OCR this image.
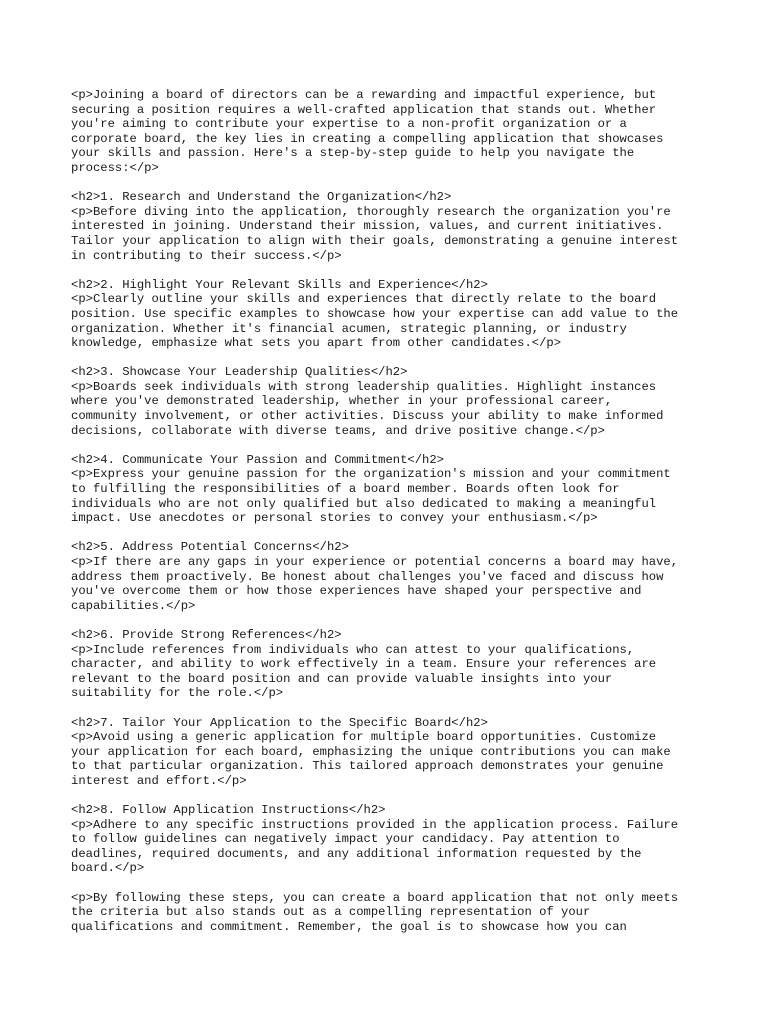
<p>Joining a board of directors can be a rewarding and impactful experience, but
securing a position requires a well-crafted application that stands out. Whether
you're aiming to contribute your expertise to a non-profit organization or a
corporate board, the key lies in creating a compelling application that showcases
your skills and passion. Here's a step-by-step guide to help you navigate the
process:</p>
<h2>1. Research and Understand the Organization</h2>
<p>Before diving into the application, thoroughly research the organization you're
interested in joining. Understand their mission, values, and current initiatives.
Tailor your application to align with their goals, demonstrating a genuine interest
in contributing to their success.</p>
<h2>2. Highlight Your Relevant Skills and Experience</h2>
<p>Clearly outline your skills and experiences that directly relate to the board
position. Use specific examples to showcase how your expertise can add value to the
organization. Whether it's financial acumen, strategic planning, or industry
knowledge, emphasize what sets you apart from other candidates.</p>
<h2>3. Showcase Your Leadership Qualities</h2>
<p>Boards seek individuals with strong leadership qualities. Highlight instances
where you've demonstrated leadership, whether in your professional career,
community involvement, or other activities. Discuss your ability to make informed
decisions, collaborate with diverse teams, and drive positive change.</p>
<h2>4. Communicate Your Passion and Commitment</h2>
<p>Express your genuine passion for the organization's mission and your commitment
to fulfilling the responsibilities of a board member. Boards often look for
individuals who are not only qualified but also dedicated to making a meaningful
impact. Use anecdotes or personal stories to convey your enthusiasm.</p>
<h2>5. Address Potential Concerns</h2>
<p>If there are any gaps in your experience or potential concerns a board may have,
address them proactively. Be honest about challenges you've faced and discuss how
you've overcome them or how those experiences have shaped your perspective and
capabilities.</p>
<h2>6. Provide Strong References</h2>
<p>Include references from individuals who can attest to your qualifications,
character, and ability to work effectively in a team. Ensure your references are
relevant to the board position and can provide valuable insights into your
suitability for the role.</p>
<h2>7. Tailor Your Application to the Specific Board</h2>
<p>Avoid using a generic application for multiple board opportunities. Customize
your application for each board, emphasizing the unique contributions you can make
to that particular organization. This tailored approach demonstrates your genuine
interest and effort.</p>
<h2>8. Follow Application Instructions</h2>
<p>Adhere to any specific instructions provided in the application process. Failure
to follow guidelines can negatively impact your candidacy. Pay attention to
deadlines, required documents, and any additional information requested by the
board.</p>
<p>By following these steps, you can create a board application that not only meets
the criteria but also stands out as a compelling representation of your
qualifications and commitment. Remember, the goal is to showcase how you can
